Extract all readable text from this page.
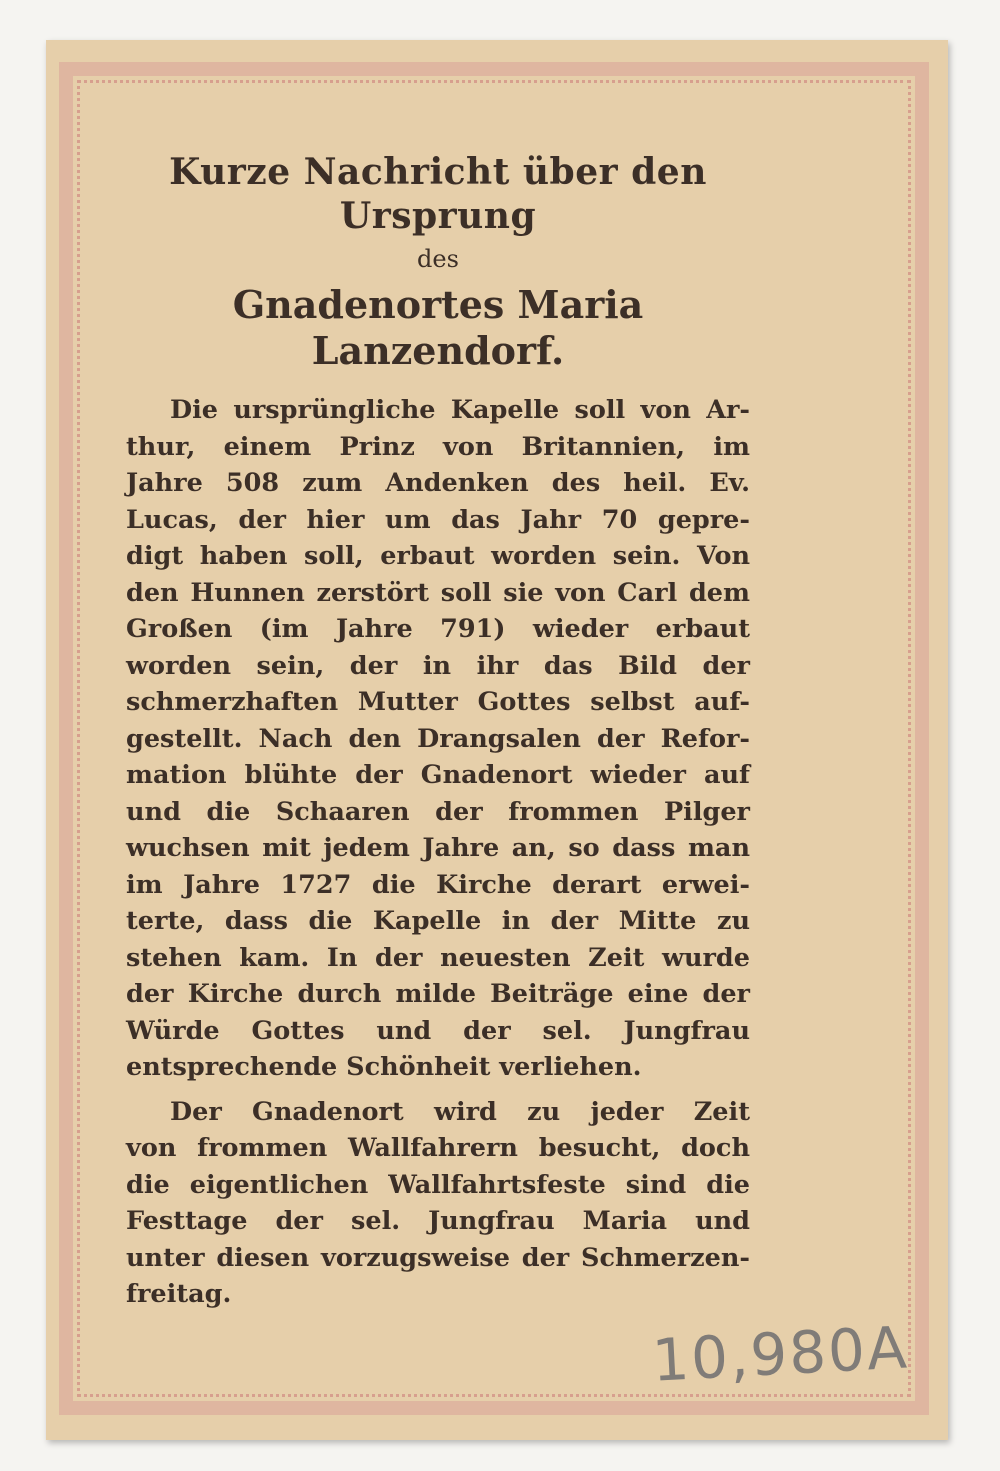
Kurze Nachricht über den Ursprung
des
Gnadenortes Maria Lanzendorf.

Die ursprüngliche Kapelle soll von Ar-
thur, einem Prinz von Britannien, im
Jahre 508 zum Andenken des heil. Ev.
Lucas, der hier um das Jahr 70 gepre-
digt haben soll, erbaut worden sein. Von
den Hunnen zerstört soll sie von Carl dem
Großen (im Jahre 791) wieder erbaut
worden sein, der in ihr das Bild der
schmerzhaften Mutter Gottes selbst auf-
gestellt. Nach den Drangsalen der Refor-
mation blühte der Gnadenort wieder auf
und die Schaaren der frommen Pilger
wuchsen mit jedem Jahre an, so dass man
im Jahre 1727 die Kirche derart erwei-
terte, dass die Kapelle in der Mitte zu
stehen kam. In der neuesten Zeit wurde
der Kirche durch milde Beiträge eine der
Würde Gottes und der sel. Jungfrau
entsprechende Schönheit verliehen.

Der Gnadenort wird zu jeder Zeit
von frommen Wallfahrern besucht, doch
die eigentlichen Wallfahrtsfeste sind die
Festtage der sel. Jungfrau Maria und
unter diesen vorzugsweise der Schmerzen-
freitag.

10,980A
